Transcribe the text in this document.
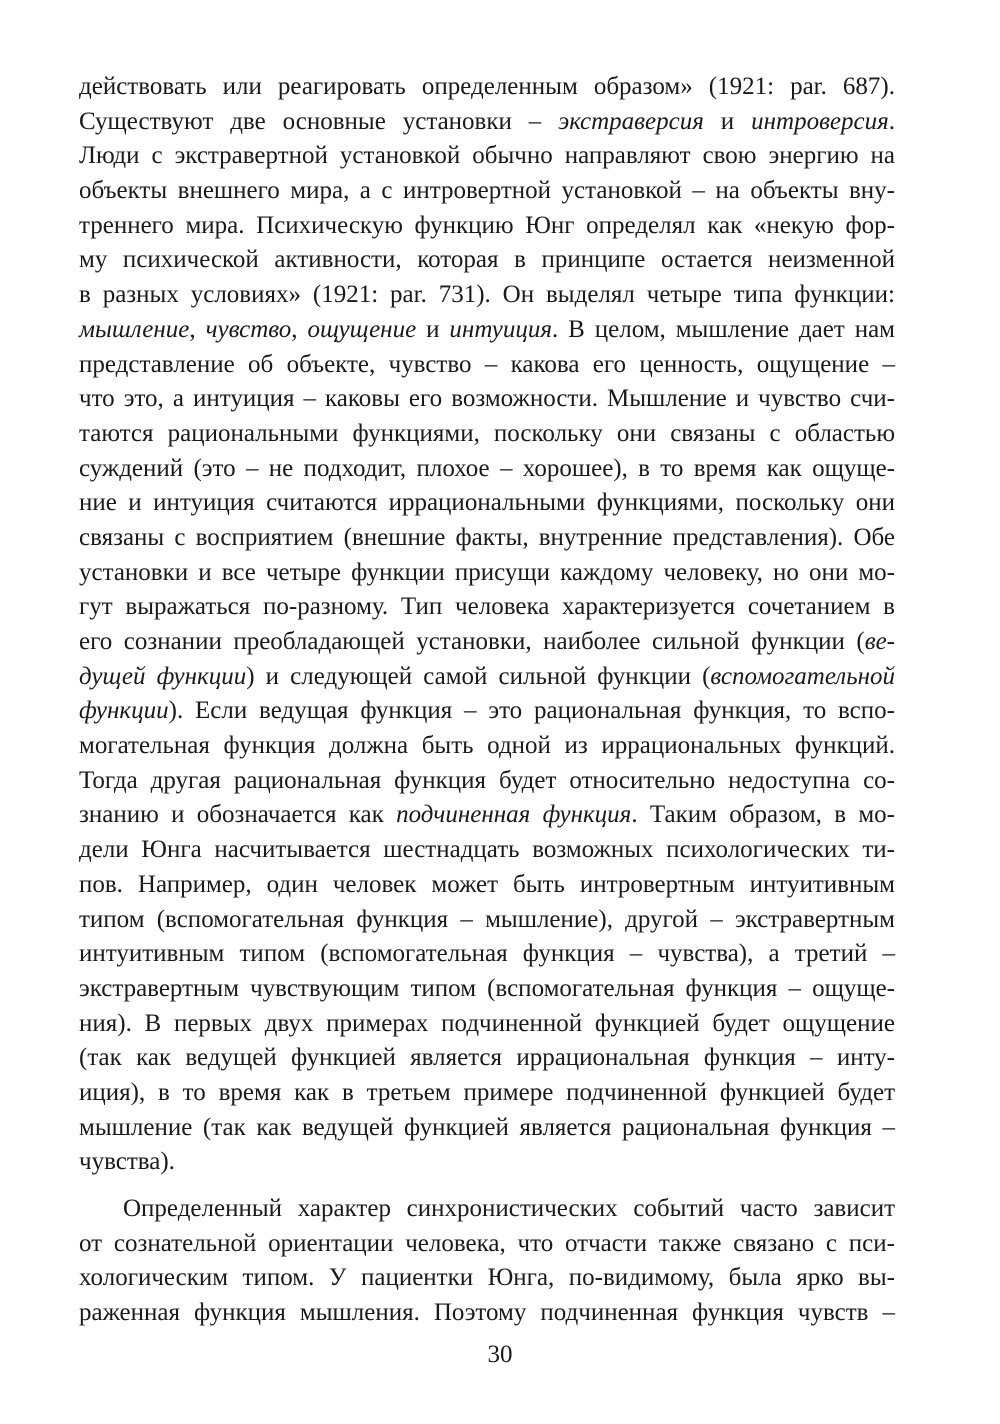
действовать или реагировать определенным образом» (1921: par. 687).
Существуют две основные установки – экстраверсия и интроверсия.
Люди с экстравертной установкой обычно направляют свою энергию на
объекты внешнего мира, а с интровертной установкой – на объекты вну-
треннего мира. Психическую функцию Юнг определял как «некую фор-
му психической активности, которая в принципе остается неизменной
в разных условиях» (1921: par. 731). Он выделял четыре типа функции:
мышление, чувство, ощущение и интуиция. В целом, мышление дает нам
представление об объекте, чувство – какова его ценность, ощущение –
что это, а интуиция – каковы его возможности. Мышление и чувство счи-
таются рациональными функциями, поскольку они связаны с областью
суждений (это – не подходит, плохое – хорошее), в то время как ощуще-
ние и интуиция считаются иррациональными функциями, поскольку они
связаны с восприятием (внешние факты, внутренние представления). Обе
установки и все четыре функции присущи каждому человеку, но они мо-
гут выражаться по-разному. Тип человека характеризуется сочетанием в
его сознании преобладающей установки, наиболее сильной функции (ве-
дущей функции) и следующей самой сильной функции (вспомогательной
функции). Если ведущая функция – это рациональная функция, то вспо-
могательная функция должна быть одной из иррациональных функций.
Тогда другая рациональная функция будет относительно недоступна со-
знанию и обозначается как подчиненная функция. Таким образом, в мо-
дели Юнга насчитывается шестнадцать возможных психологических ти-
пов. Например, один человек может быть интровертным интуитивным
типом (вспомогательная функция – мышление), другой – экстравертным
интуитивным типом (вспомогательная функция – чувства), а третий –
экстравертным чувствующим типом (вспомогательная функция – ощуще-
ния). В первых двух примерах подчиненной функцией будет ощущение
(так как ведущей функцией является иррациональная функция – инту-
иция), в то время как в третьем примере подчиненной функцией будет
мышление (так как ведущей функцией является рациональная функция –
чувства).
Определенный характер синхронистических событий часто зависит
от сознательной ориентации человека, что отчасти также связано с пси-
хологическим типом. У пациентки Юнга, по-видимому, была ярко вы-
раженная функция мышления. Поэтому подчиненная функция чувств –
30
